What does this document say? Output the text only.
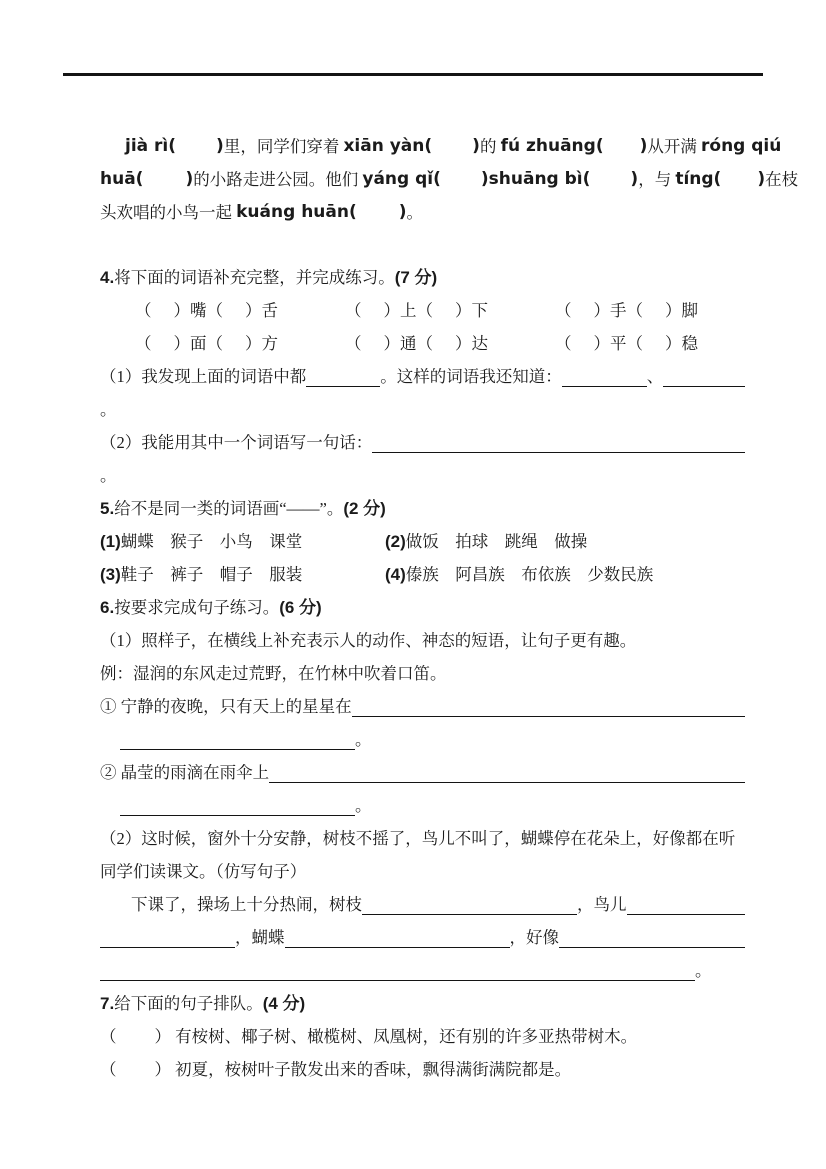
jià rì( ) 里，同学们穿着 xiān yàn( ) 的 fú zhuāng( ) 从开满 róng qiú
huā( ) 的小路走进公园。他们 yáng qǐ( ) shuāng bì( ) ，与 tíng( ) 在枝
头欢唱的小鸟一起 kuáng huān( ) 。
4. 将下面的词语补充完整，并完成练习。 (7 分)
（ ）嘴（ ）舌	（ ）上（ ）下	（ ）手（ ）脚
（ ）面（ ）方	（ ）通（ ）达	（ ）平（ ）稳
（1）我发现上面的词语中都	。这样的词语我还知道：	、
。
（2）我能用其中一个词语写一句话：
。
5. 给不是同一类的词语画“——”。 (2 分)
(1) 蝴蝶　猴子　小鸟　课堂	(2) 做饭　拍球　跳绳　做操
(3) 鞋子　裤子　帽子　服装	(4) 傣族　阿昌族　布依族　少数民族
6. 按要求完成句子练习。 (6 分)
（1）照样子，在横线上补充表示人的动作、神态的短语，让句子更有趣。
例：湿润的东风走过荒野，在竹林中吹着口笛。
① 宁静的夜晚，只有天上的星星在
。
② 晶莹的雨滴在雨伞上
。
（2）这时候，窗外十分安静，树枝不摇了，鸟儿不叫了，蝴蝶停在花朵上，好像都在听
同学们读课文。（仿写句子）
下课了，操场上十分热闹，树枝	，鸟儿
，蝴蝶	，好像
。
7. 给下面的句子排队。 (4 分)
（ ） 有桉树、椰子树、橄榄树、凤凰树，还有别的许多亚热带树木。
（ ） 初夏，桉树叶子散发出来的香味，飘得满街满院都是。
